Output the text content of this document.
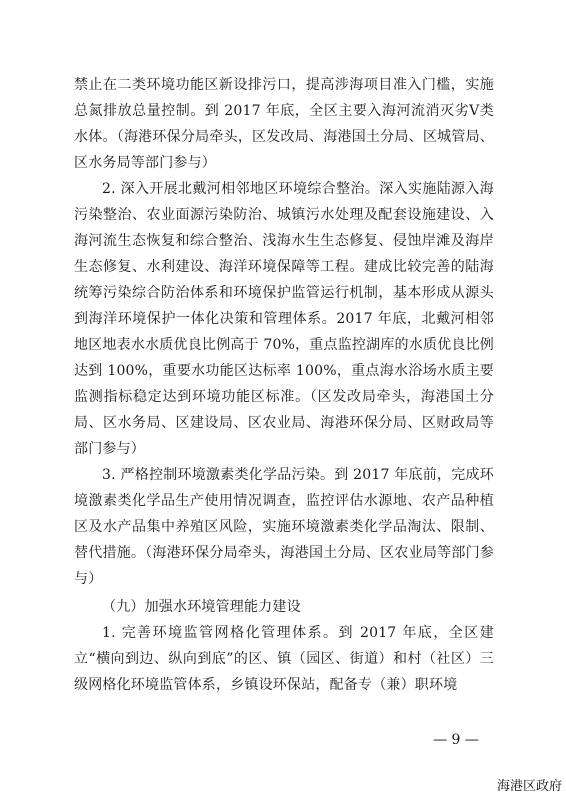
禁止在二类环境功能区新设排污口，提高涉海项目准入门槛，实施总氮排放总量控制。到 2017 年底，全区主要入海河流消灭劣Ⅴ类水体。（海港环保分局牵头，区发改局、海港国土分局、区城管局、区水务局等部门参与）

2. 深入开展北戴河相邻地区环境综合整治。深入实施陆源入海污染整治、农业面源污染防治、城镇污水处理及配套设施建设、入海河流生态恢复和综合整治、浅海水生生态修复、侵蚀岸滩及海岸生态修复、水利建设、海洋环境保障等工程。建成比较完善的陆海统筹污染综合防治体系和环境保护监管运行机制，基本形成从源头到海洋环境保护一体化决策和管理体系。2017 年底，北戴河相邻地区地表水水质优良比例高于 70%，重点监控湖库的水质优良比例达到 100%，重要水功能区达标率 100%，重点海水浴场水质主要监测指标稳定达到环境功能区标准。（区发改局牵头，海港国土分局、区水务局、区建设局、区农业局、海港环保分局、区财政局等部门参与）

3. 严格控制环境激素类化学品污染。到 2017 年底前，完成环境激素类化学品生产使用情况调查，监控评估水源地、农产品种植区及水产品集中养殖区风险，实施环境激素类化学品淘汰、限制、替代措施。（海港环保分局牵头，海港国土分局、区农业局等部门参与）

（九）加强水环境管理能力建设

1. 完善环境监管网格化管理体系。到 2017 年底，全区建立“横向到边、纵向到底”的区、镇（园区、街道）和村（社区）三级网格化环境监管体系，乡镇设环保站，配备专（兼）职环境

— 9 —
海港区政府
